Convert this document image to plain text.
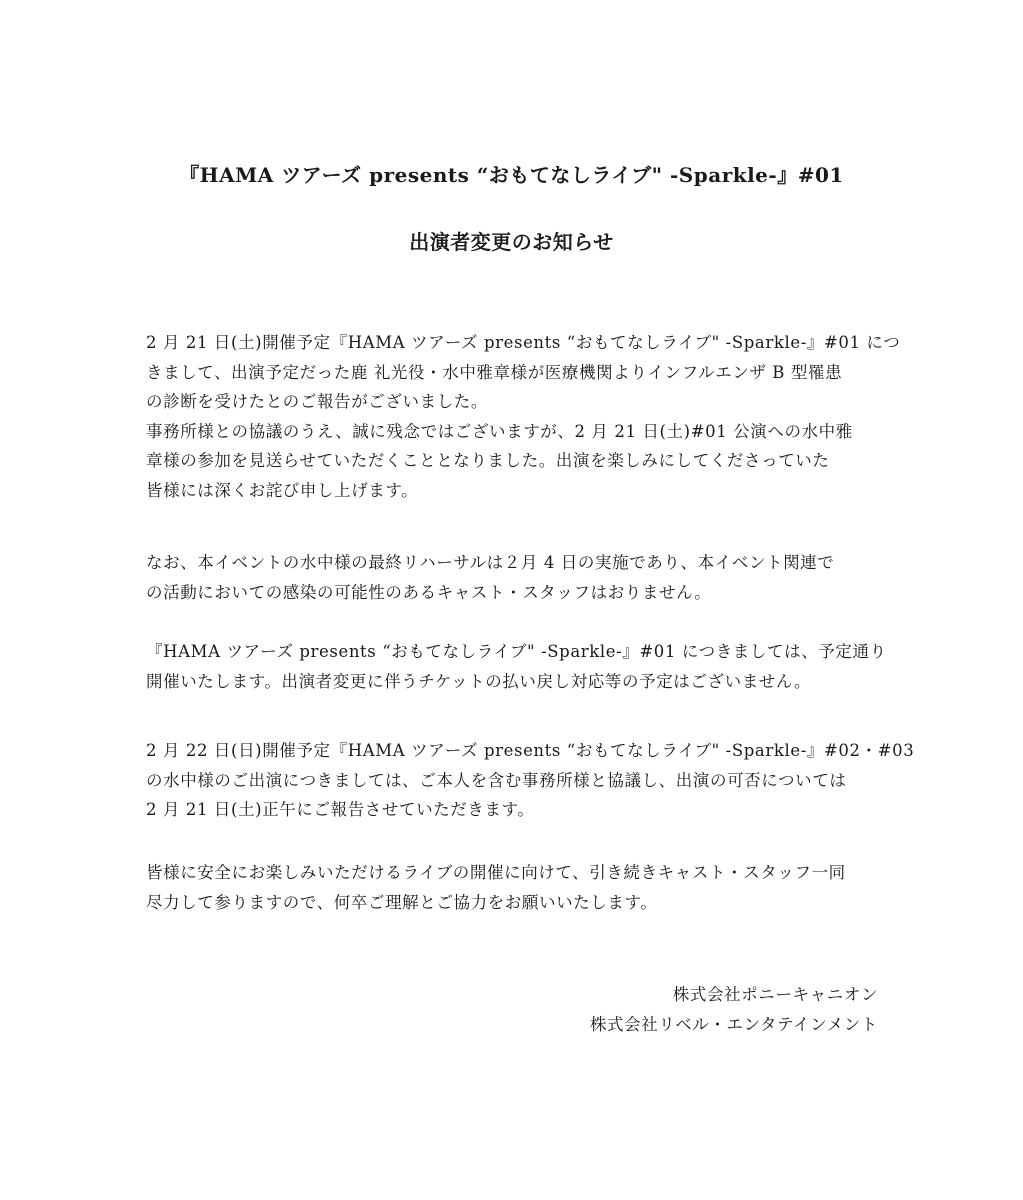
『HAMA ツアーズ presents “おもてなしライブ" -Sparkle-』#01
出演者変更のお知らせ

2 月 21 日(土)開催予定『HAMA ツアーズ presents “おもてなしライブ" -Sparkle-』#01 につ
きまして、出演予定だった鹿 礼光役・水中雅章様が医療機関よりインフルエンザ B 型罹患
の診断を受けたとのご報告がございました。
事務所様との協議のうえ、誠に残念ではございますが、2 月 21 日(土)#01 公演への水中雅
章様の参加を見送らせていただくこととなりました。出演を楽しみにしてくださっていた
皆様には深くお詫び申し上げます。

なお、本イベントの水中様の最終リハーサルは２月 4 日の実施であり、本イベント関連で
の活動においての感染の可能性のあるキャスト・スタッフはおりません。

『HAMA ツアーズ presents “おもてなしライブ" -Sparkle-』#01 につきましては、予定通り
開催いたします。出演者変更に伴うチケットの払い戻し対応等の予定はございません。

2 月 22 日(日)開催予定『HAMA ツアーズ presents “おもてなしライブ" -Sparkle-』#02・#03
の水中様のご出演につきましては、ご本人を含む事務所様と協議し、出演の可否については
2 月 21 日(土)正午にご報告させていただきます。

皆様に安全にお楽しみいただけるライブの開催に向けて、引き続きキャスト・スタッフ一同
尽力して参りますので、何卒ご理解とご協力をお願いいたします。

株式会社ポニーキャニオン
株式会社リベル・エンタテインメント
